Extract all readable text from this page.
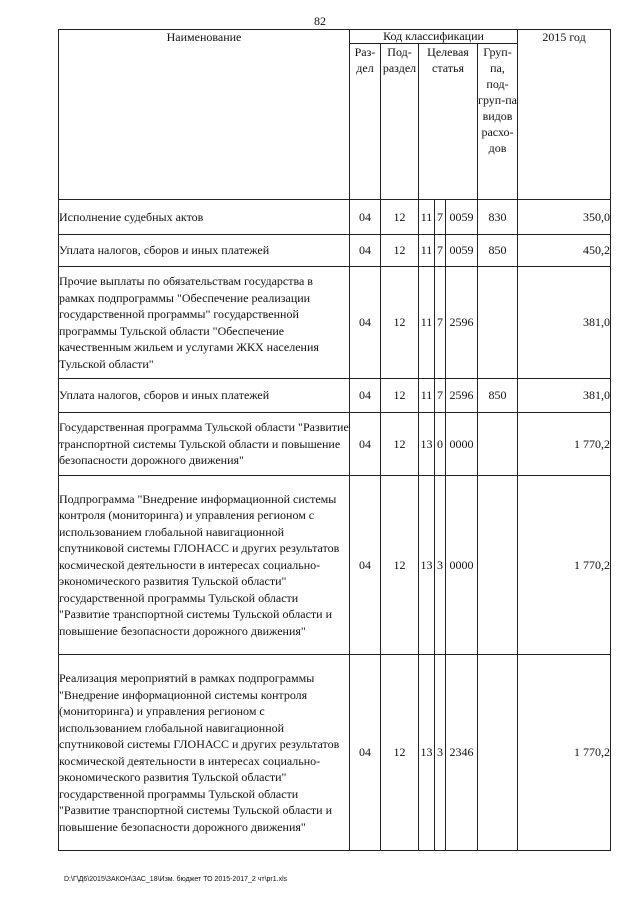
82
Наименование	Код классификации						2015 год
	Раз-дел	Под-раздел	Целевая статья			Груп-па, под-груп-па видов расхо-дов	
Исполнение судебных актов	04	12	11	7	0059	830	350,0
Уплата налогов, сборов и иных платежей	04	12	11	7	0059	850	450,2
Прочие выплаты по обязательствам государства в рамках подпрограммы "Обеспечение реализации государственной программы" государственной программы Тульской области "Обеспечение качественным жильем и услугами ЖКХ населения Тульской области"	04	12	11	7	2596		381,0
Уплата налогов, сборов и иных платежей	04	12	11	7	2596	850	381,0
Государственная программа Тульской области "Развитие транспортной системы Тульской области и повышение безопасности дорожного движения"	04	12	13	0	0000		1 770,2
Подпрограмма "Внедрение информационной системы контроля (мониторинга) и управления регионом с использованием глобальной навигационной спутниковой системы ГЛОНАСС и других результатов космической деятельности в интересах социально-экономического развития Тульской области" государственной программы Тульской области "Развитие транспортной системы Тульской области и повышение безопасности дорожного движения"	04	12	13	3	0000		1 770,2
Реализация мероприятий в рамках подпрограммы "Внедрение информационной системы контроля (мониторинга) и управления регионом с использованием глобальной навигационной спутниковой системы ГЛОНАСС и других результатов космической деятельности в интересах социально-экономического развития Тульской области" государственной программы Тульской области "Развитие транспортной системы Тульской области и повышение безопасности дорожного движения"	04	12	13	3	2346		1 770,2
D:\Г\Д6\2015\ЗАКОН\ЗАС_18\Изм. бюджет ТО 2015-2017_2 чт\pr1.xls
